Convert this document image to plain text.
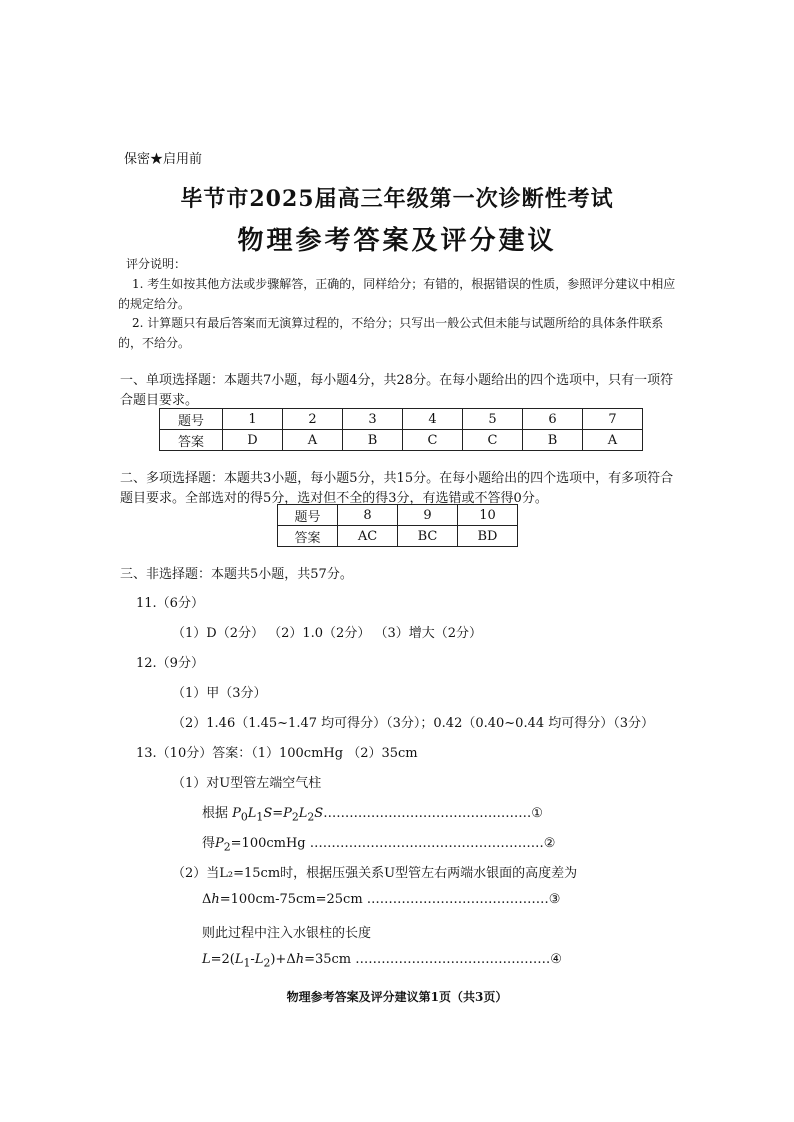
保密★启用前
毕节市2025届高三年级第一次诊断性考试
物理参考答案及评分建议
评分说明：
1. 考生如按其他方法或步骤解答，正确的，同样给分；有错的，根据错误的性质，参照评分建议中相应的规定给分。
2. 计算题只有最后答案而无演算过程的，不给分；只写出一般公式但未能与试题所给的具体条件联系的，不给分。
一、单项选择题：本题共7小题，每小题4分，共28分。在每小题给出的四个选项中，只有一项符合题目要求。
题号	1	2	3	4	5	6	7
答案	D	A	B	C	C	B	A
二、多项选择题：本题共3小题，每小题5分，共15分。在每小题给出的四个选项中，有多项符合题目要求。全部选对的得5分，选对但不全的得3分，有选错或不答得0分。
题号	8	9	10
答案	AC	BC	BD
三、非选择题：本题共5小题，共57分。
11.（6分）
（1）D（2分） （2）1.0（2分） （3）增大（2分）
12.（9分）
（1）甲（3分）
（2）1.46（1.45~1.47 均可得分）（3分）；0.42（0.40~0.44 均可得分）（3分）
13.（10分）答案：（1）100cmHg （2）35cm
（1）对U型管左端空气柱
根据 $P_0L_1S=P_2L_2S\dots\dots\dots\dots\dots\dots\dots\dots\dots\dots\dots\dots\dots\dots\dots\dots ①$
得$P_2=100cmHg$ ………………………………………………②
（2）当L₂=15cm时，根据压强关系U型管左右两端水银面的高度差为
Δh=100cm-75cm=25cm ……………………………………③
则此过程中注入水银柱的长度
$L=2(L_1-L_2)+\Delta h=35cm$ ………………………………………④
物理参考答案及评分建议第1页（共3页）
